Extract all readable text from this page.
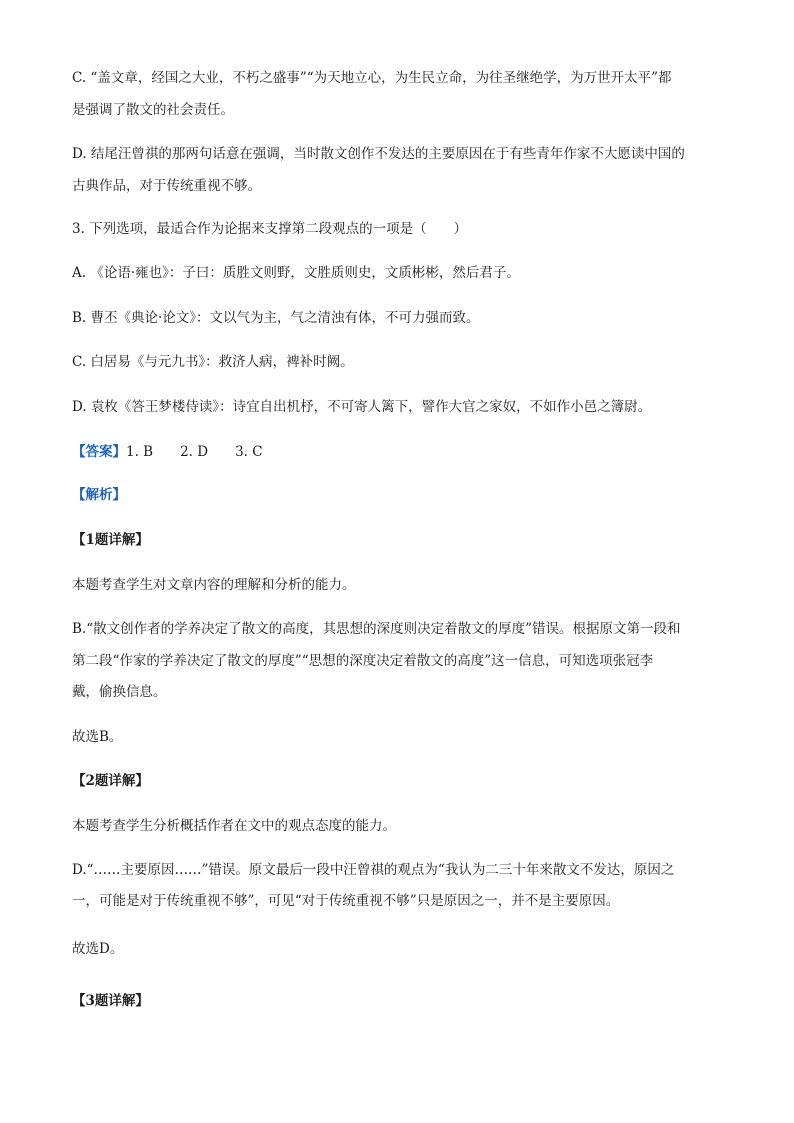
C. “盖文章，经国之大业，不朽之盛事”“为天地立心，为生民立命，为往圣继绝学，为万世开太平”都
是强调了散文的社会责任。
D. 结尾汪曾祺的那两句话意在强调，当时散文创作不发达的主要原因在于有些青年作家不大愿读中国的
古典作品，对于传统重视不够。
3. 下列选项，最适合作为论据来支撑第二段观点的一项是（　　）
A. 《论语·雍也》：子曰：质胜文则野，文胜质则史，文质彬彬，然后君子。
B. 曹丕《典论·论文》：文以气为主，气之清浊有体，不可力强而致。
C. 白居易《与元九书》：救济人病，裨补时阙。
D. 袁枚《答王梦楼侍读》：诗宜自出机杼，不可寄人篱下，譬作大官之家奴，不如作小邑之簿尉。
【答案】1. B　　2. D　　3. C
【解析】
【1题详解】
本题考查学生对文章内容的理解和分析的能力。
B.“散文创作者的学养决定了散文的高度，其思想的深度则决定着散文的厚度”错误。根据原文第一段和
第二段“作家的学养决定了散文的厚度”“思想的深度决定着散文的高度”这一信息，可知选项张冠李
戴，偷换信息。
故选B。
【2题详解】
本题考查学生分析概括作者在文中的观点态度的能力。
D.“……主要原因……”错误。原文最后一段中汪曾祺的观点为“我认为二三十年来散文不发达，原因之
一，可能是对于传统重视不够”，可见“对于传统重视不够”只是原因之一，并不是主要原因。
故选D。
【3题详解】
